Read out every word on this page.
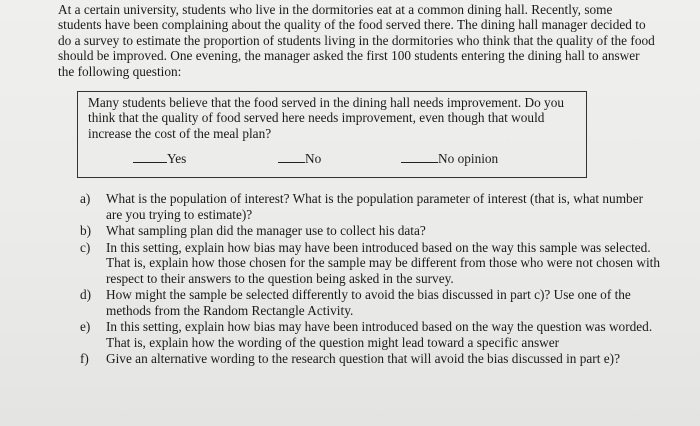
At a certain university, students who live in the dormitories eat at a common dining hall. Recently, some students have been complaining about the quality of the food served there. The dining hall manager decided to do a survey to estimate the proportion of students living in the dormitories who think that the quality of the food should be improved. One evening, the manager asked the first 100 students entering the dining hall to answer the following question:

Many students believe that the food served in the dining hall needs improvement. Do you think that the quality of food served here needs improvement, even though that would increase the cost of the meal plan?

Yes	No	No opinion
a) What is the population of interest? What is the population parameter of interest (that is, what number are you trying to estimate)?
b) What sampling plan did the manager use to collect his data?
c) In this setting, explain how bias may have been introduced based on the way this sample was selected. That is, explain how those chosen for the sample may be different from those who were not chosen with respect to their answers to the question being asked in the survey.
d) How might the sample be selected differently to avoid the bias discussed in part c)? Use one of the methods from the Random Rectangle Activity.
e) In this setting, explain how bias may have been introduced based on the way the question was worded. That is, explain how the wording of the question might lead toward a specific answer
f) Give an alternative wording to the research question that will avoid the bias discussed in part e)?
